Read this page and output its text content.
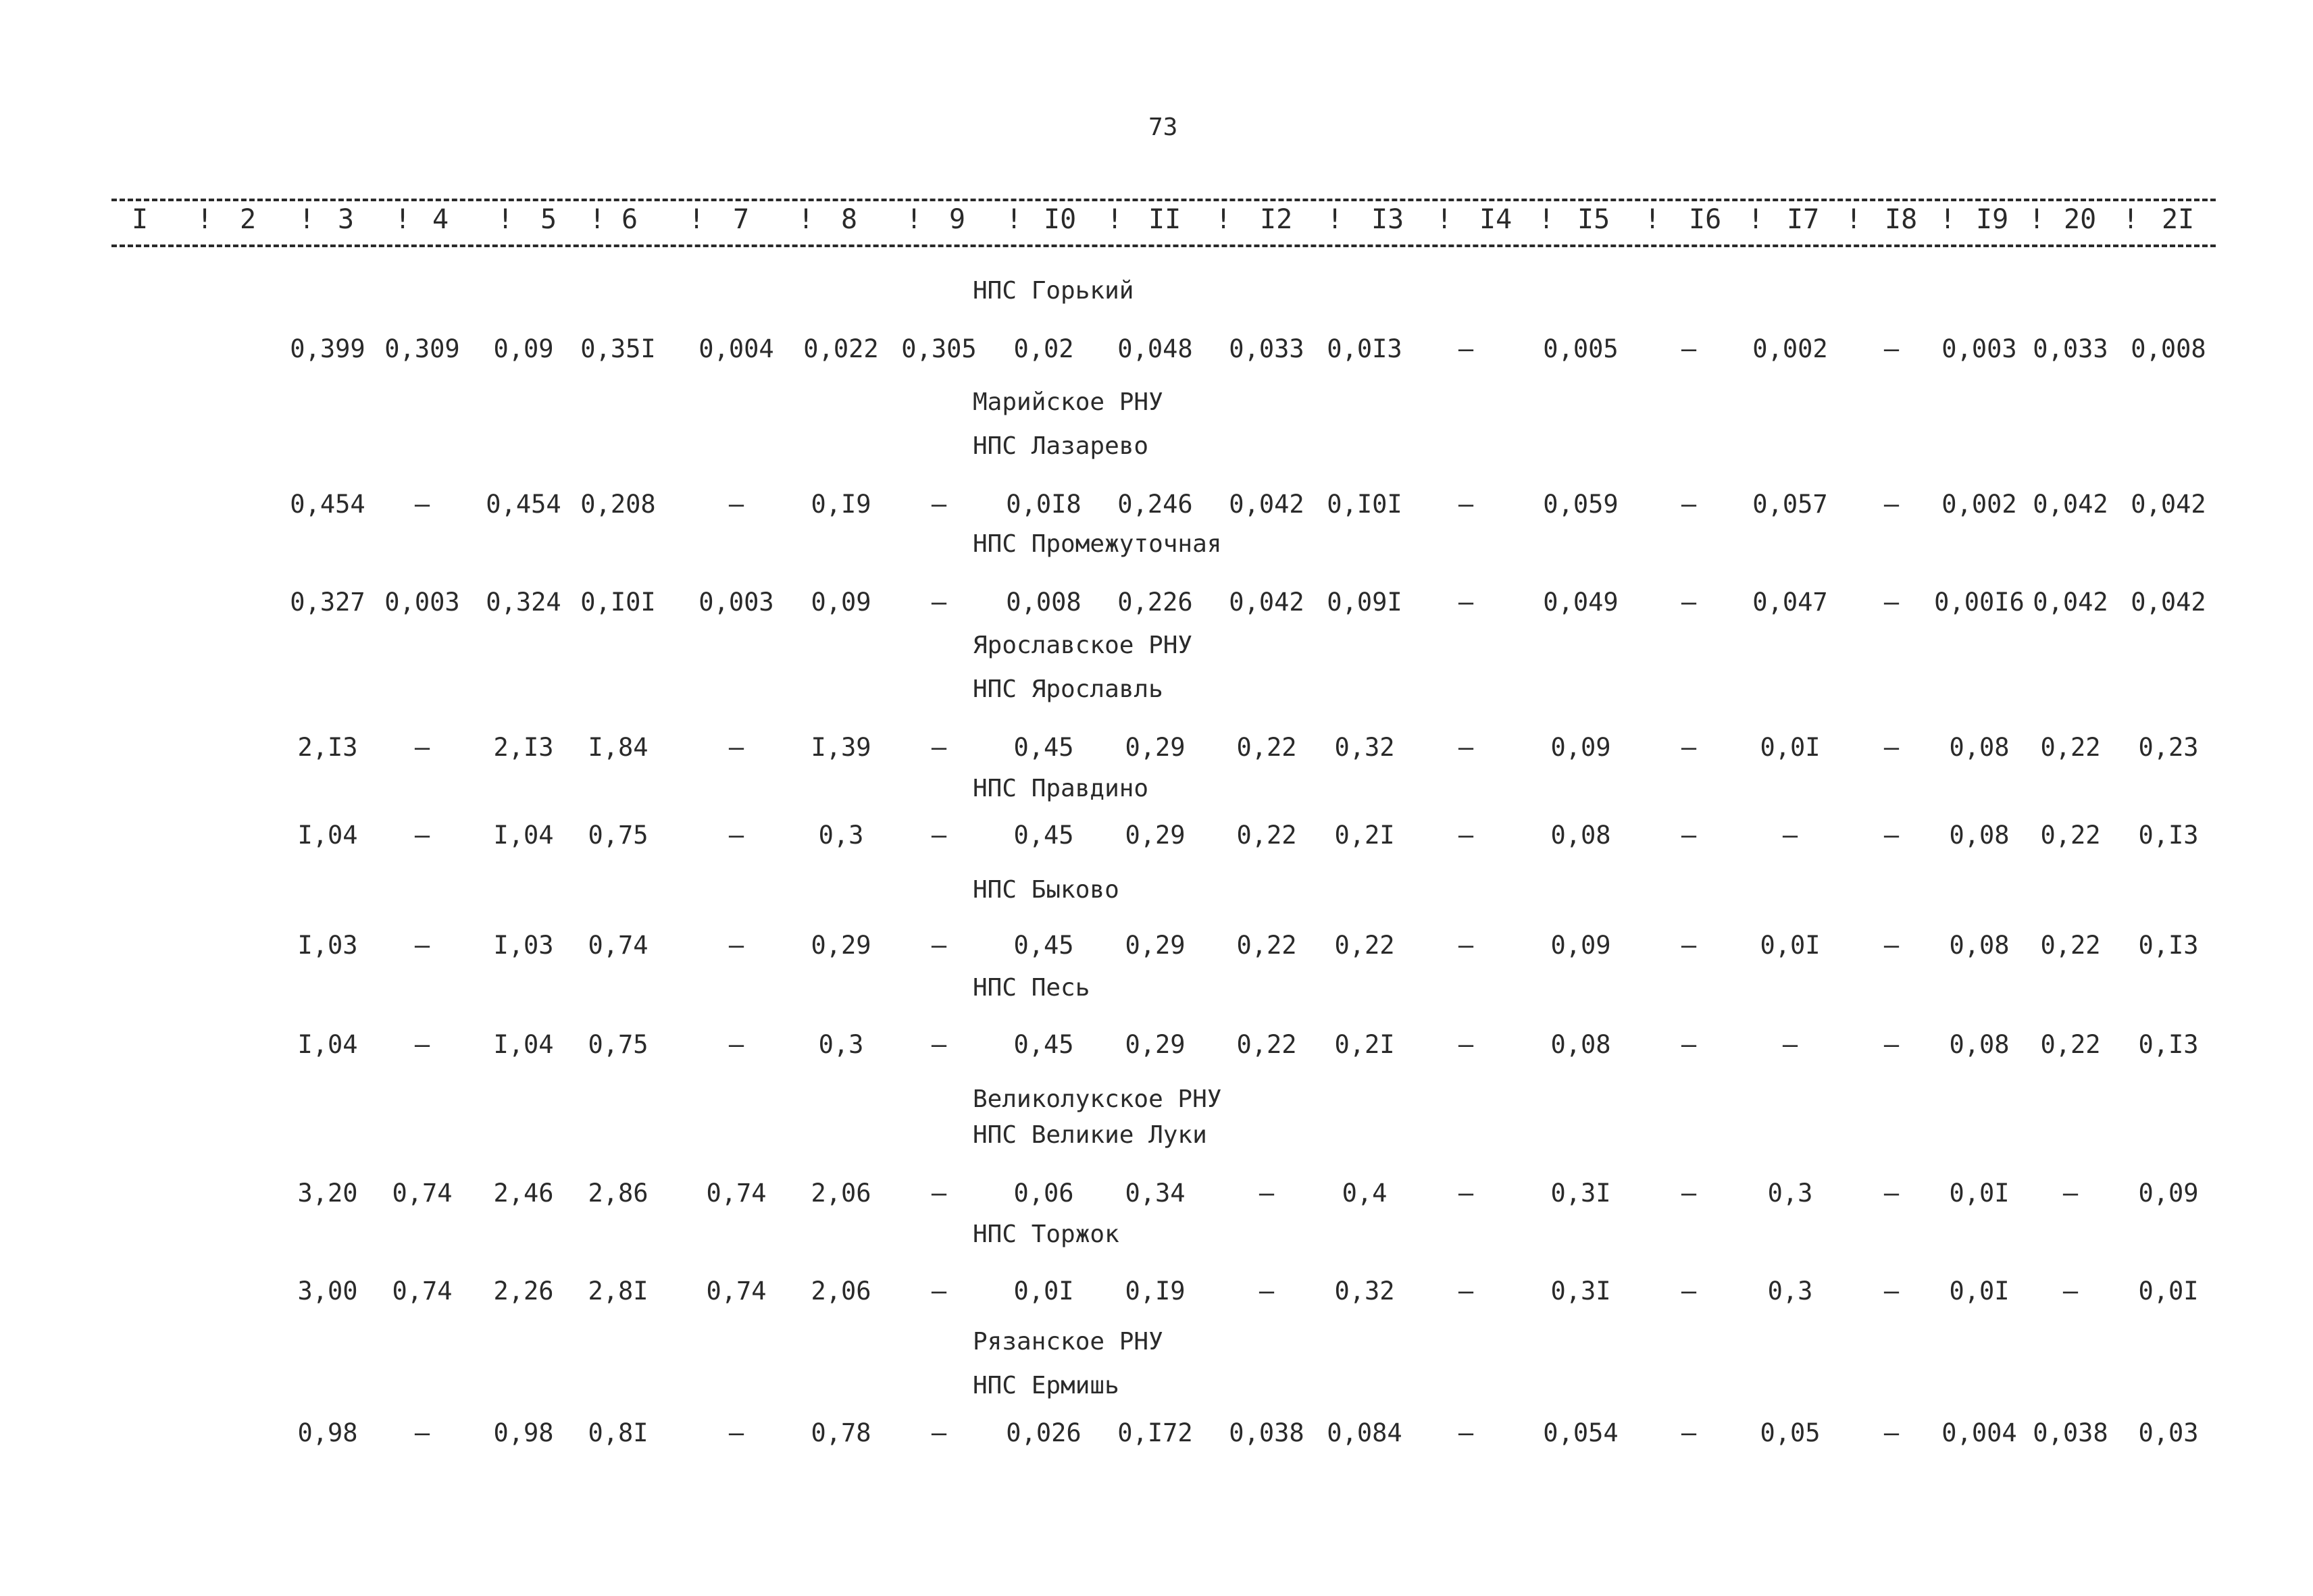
73
I ! 2 ! 3 ! 4 ! 5 ! 6 ! 7 ! 8 ! 9 ! I0 ! II ! I2 ! I3 ! I4 ! I5 ! I6 ! I7 ! I8 ! I9 ! 20 ! 2I
НПС Горький
0,399 0,309 0,09 0,35I 0,004 0,022 0,305 0,02 0,048 0,033 0,0I3 –	0,005	– 0,002 – 0,003 0,033 0,008
Марийское РНУ
НПС Лазарево
0,454 – 0,454 0,208	–	0,I9 – 0,0I8 0,246 0,042 0,I0I –	0,059	– 0,057 – 0,002 0,042 0,042
НПС Промежуточная
0,327 0,003 0,324 0,I0I 0,003 0,09 – 0,008 0,226 0,042 0,09I –	0,049	– 0,047 – 0,00I6 0,042 0,042
Ярославское РНУ
НПС Ярославль
2,I3 –	2,I3 I,84	–	I,39 –	0,45 0,29 0,22 0,32	–	0,09	–	0,0I	– 0,08 0,22 0,23
НПС Правдино
I,04 –	I,04 0,75	–	0,3	–	0,45 0,29 0,22 0,2I	–	0,08	–	–	– 0,08 0,22 0,I3
НПС Быково
I,03 –	I,03 0,74	–	0,29 –	0,45 0,29 0,22 0,22	–	0,09	–	0,0I	– 0,08 0,22 0,I3
НПС Песь
I,04 –	I,04 0,75	–	0,3	–	0,45 0,29 0,22 0,2I	–	0,08	–	–	– 0,08 0,22 0,I3
Великолукское РНУ
НПС Великие Луки
3,20 0,74 2,46 2,86 0,74 2,06 –	0,06 0,34	–	0,4	–	0,3I	–	0,3	– 0,0I – 0,09
НПС Торжок
3,00 0,74 2,26 2,8I 0,74 2,06 –	0,0I 0,I9	– 0,32	–	0,3I	–	0,3	– 0,0I – 0,0I
Рязанское РНУ
НПС Ермишь
0,98 –	0,98 0,8I	–	0,78 – 0,026 0,I72 0,038 0,084 –	0,054	–	0,05	– 0,004 0,038 0,03
